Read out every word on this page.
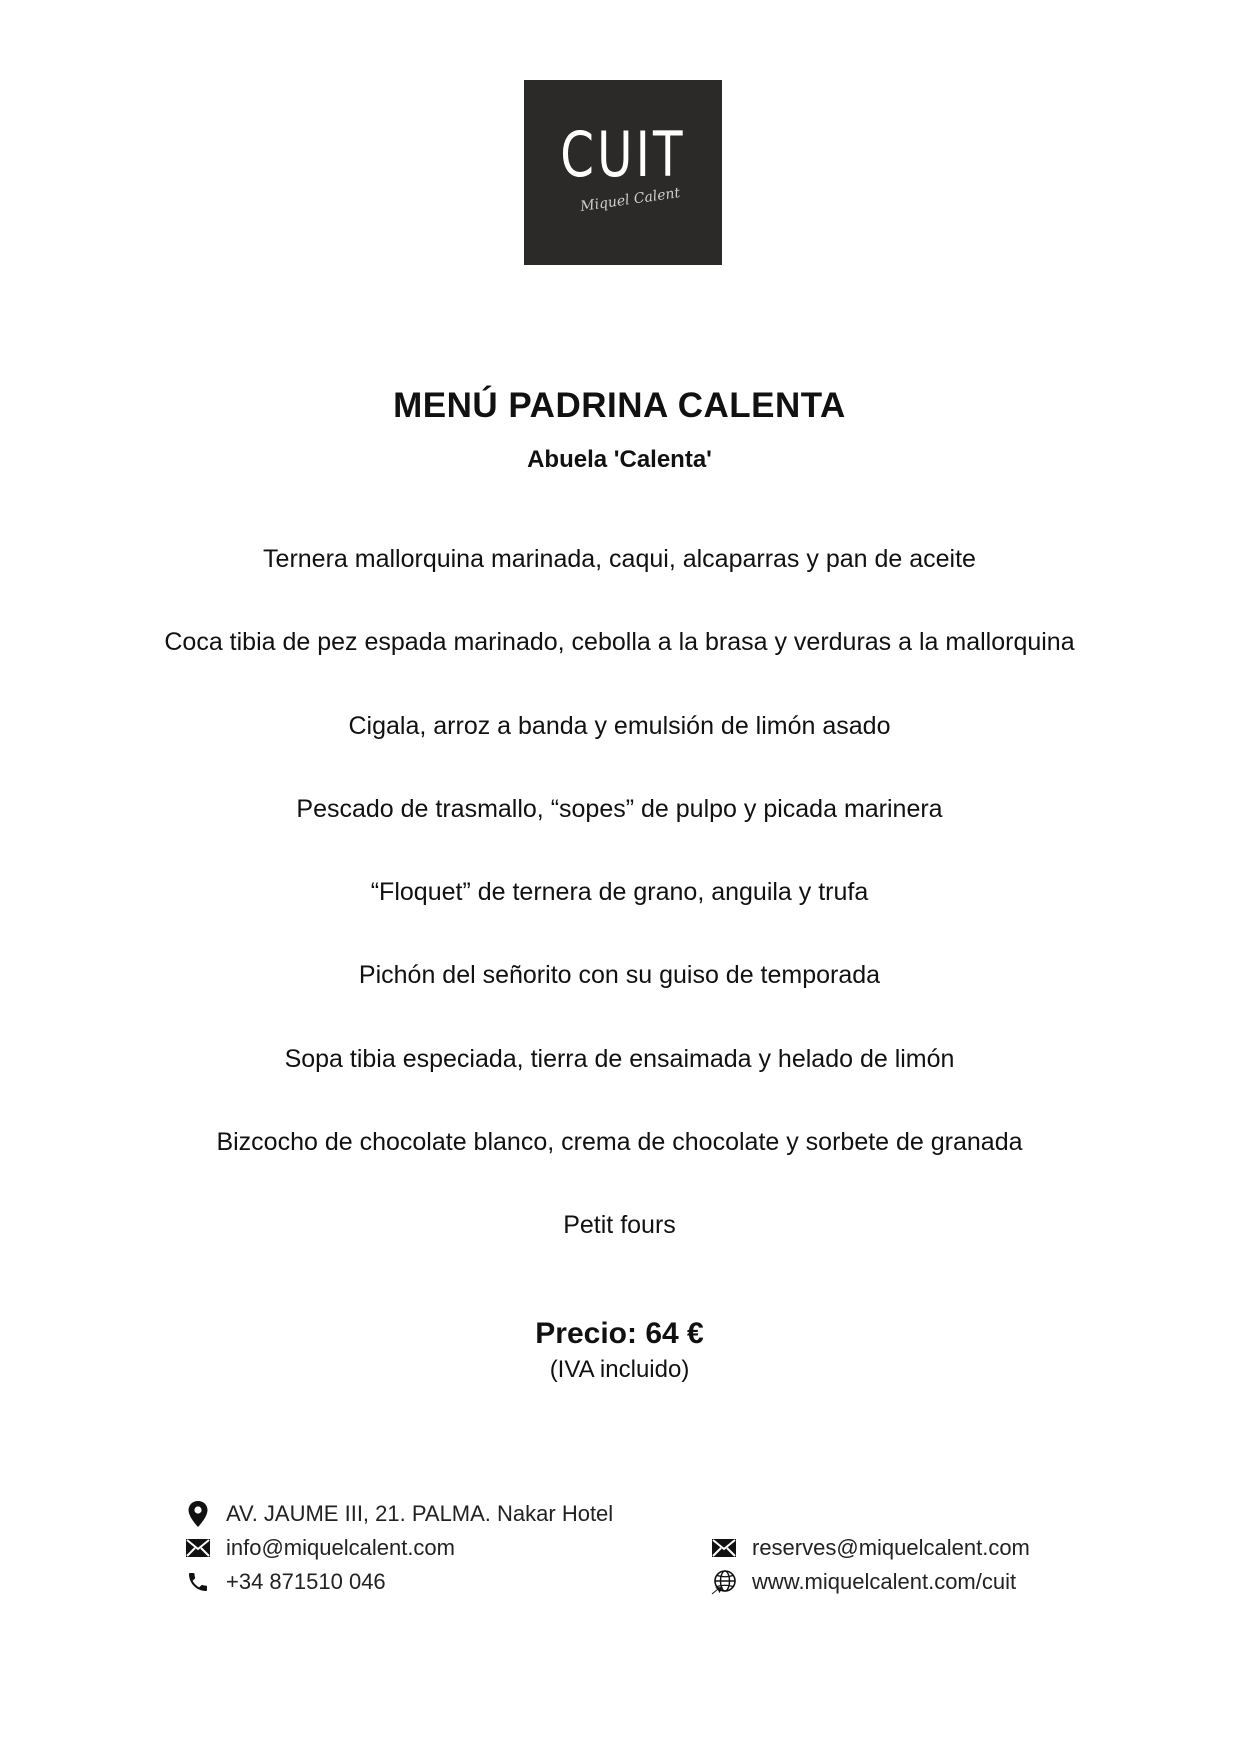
CUIT
Miquel Calent
MENÚ PADRINA CALENTA
Abuela 'Calenta'
Ternera mallorquina marinada, caqui, alcaparras y pan de aceite
Coca tibia de pez espada marinado, cebolla a la brasa y verduras a la mallorquina
Cigala, arroz a banda y emulsión de limón asado
Pescado de trasmallo, “sopes” de pulpo y picada marinera
“Floquet” de ternera de grano, anguila y trufa
Pichón del señorito con su guiso de temporada
Sopa tibia especiada, tierra de ensaimada y helado de limón
Bizcocho de chocolate blanco, crema de chocolate y sorbete de granada
Petit fours
Precio: 64 €
(IVA incluido)
AV. JAUME III, 21. PALMA. Nakar Hotel
info@miquelcalent.com
+34 871510 046
reserves@miquelcalent.com
www.miquelcalent.com/cuit
